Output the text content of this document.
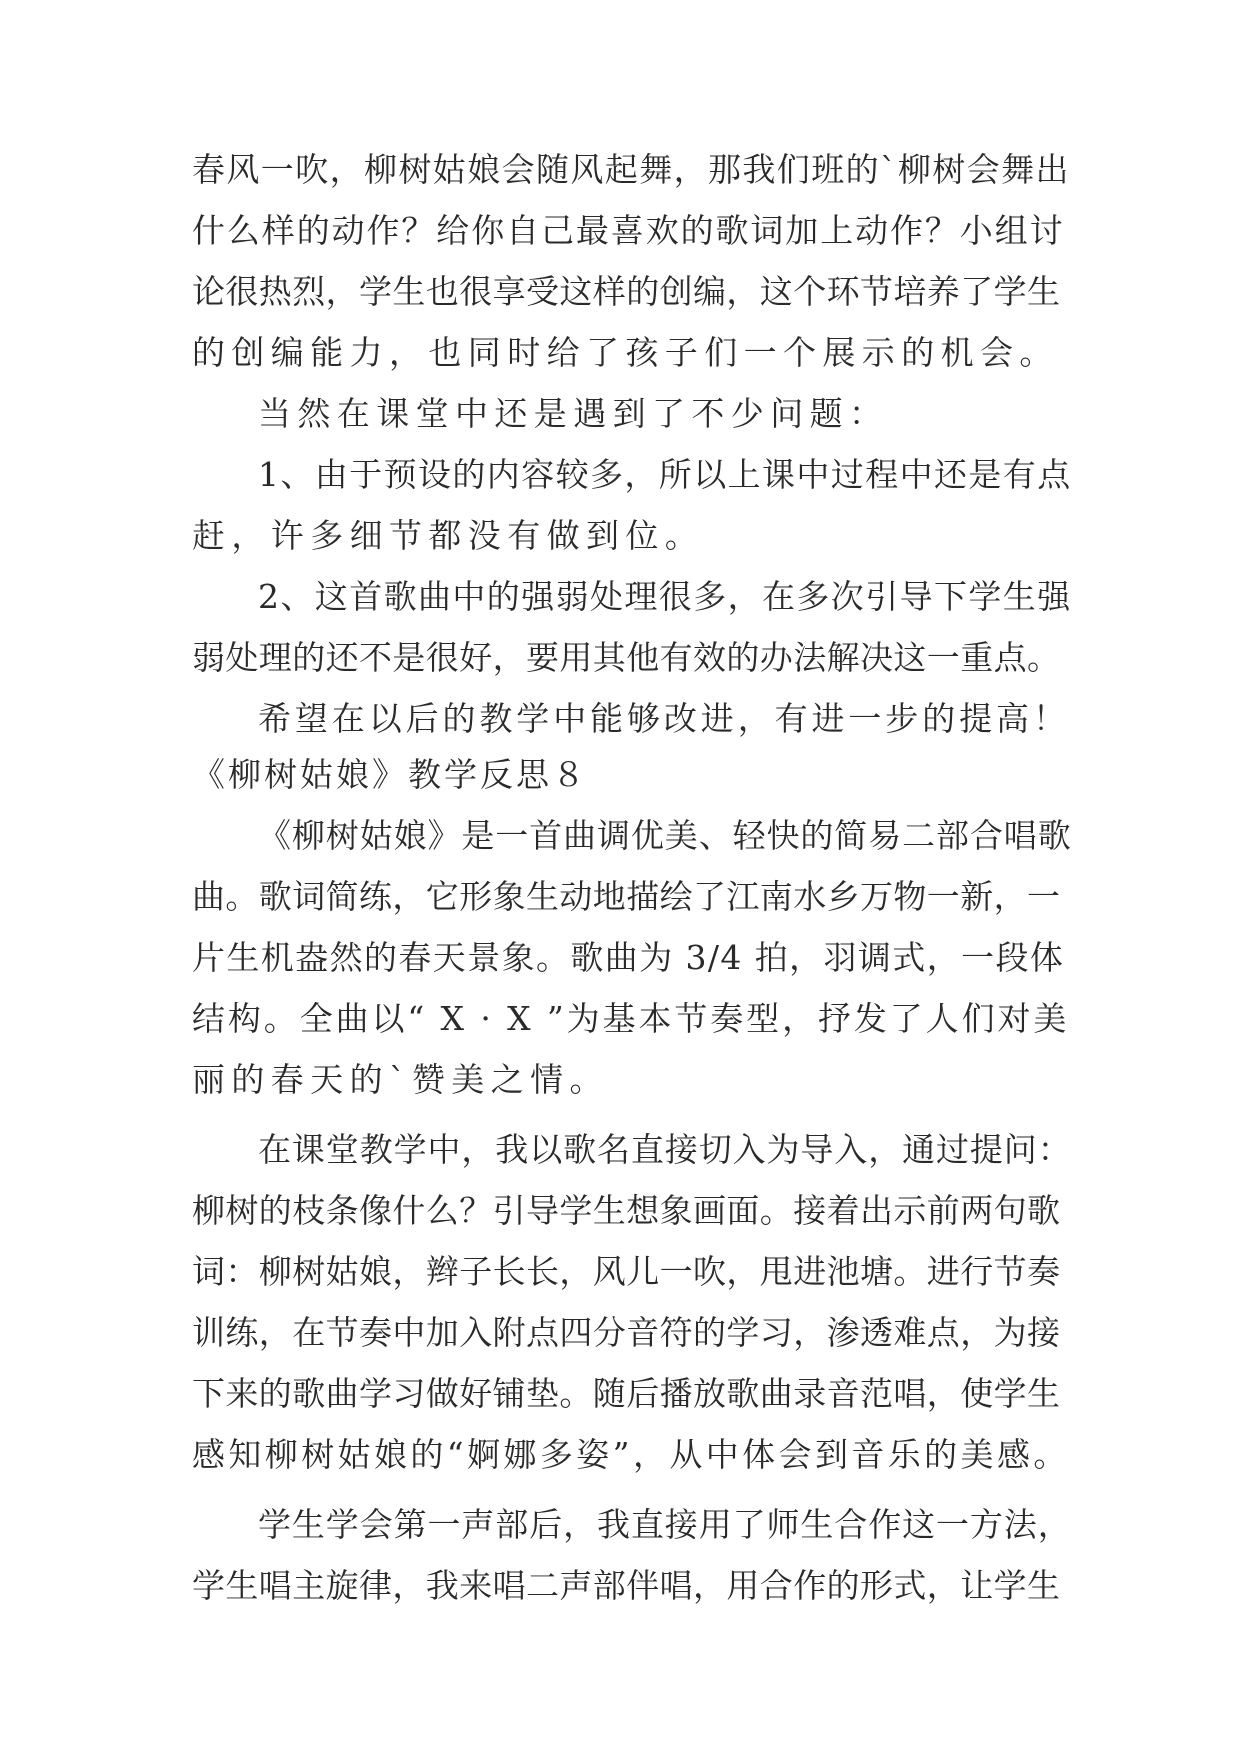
春风一吹，柳树姑娘会随风起舞，那我们班的`柳树会舞出
什么样的动作？给你自己最喜欢的歌词加上动作？小组讨
论很热烈，学生也很享受这样的创编，这个环节培养了学生
的创编能力，也同时给了孩子们一个展示的机会。
当然在课堂中还是遇到了不少问题：
1、由于预设的内容较多，所以上课中过程中还是有点
赶，许多细节都没有做到位。
2、这首歌曲中的强弱处理很多，在多次引导下学生强
弱处理的还不是很好，要用其他有效的办法解决这一重点。
希望在以后的教学中能够改进，有进一步的提高！
《柳树姑娘》教学反思８
《柳树姑娘》是一首曲调优美、轻快的简易二部合唱歌
曲。歌词简练，它形象生动地描绘了江南水乡万物一新，一
片生机盎然的春天景象。歌曲为 3/4 拍，羽调式，一段体
结构。全曲以“ X · X ”为基本节奏型，抒发了人们对美
丽的春天的`赞美之情。
在课堂教学中，我以歌名直接切入为导入，通过提问：
柳树的枝条像什么？引导学生想象画面。接着出示前两句歌
词：柳树姑娘，辫子长长，风儿一吹，甩进池塘。进行节奏
训练，在节奏中加入附点四分音符的学习，渗透难点，为接
下来的歌曲学习做好铺垫。随后播放歌曲录音范唱，使学生
感知柳树姑娘的“婀娜多姿”，从中体会到音乐的美感。
学生学会第一声部后，我直接用了师生合作这一方法，
学生唱主旋律，我来唱二声部伴唱，用合作的形式，让学生
